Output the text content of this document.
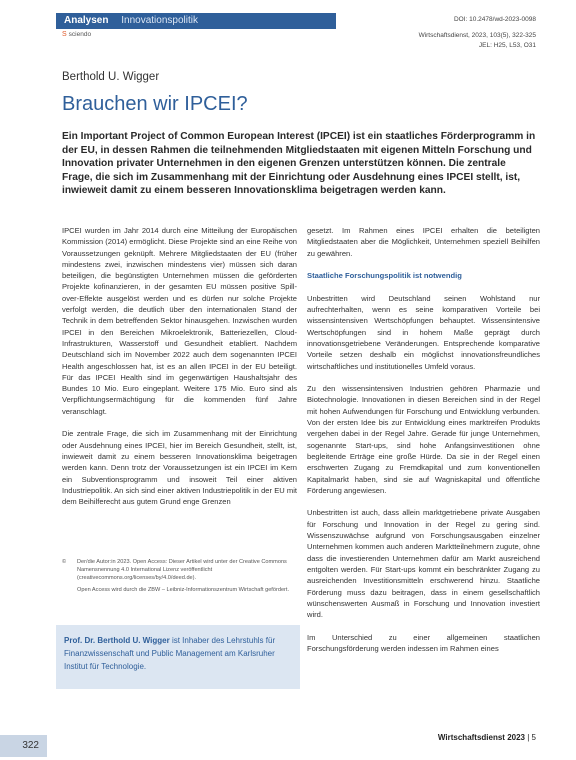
Analysen Innovationspolitik	DOI: 10.2478/wd-2023-0098
S sciendo	Wirtschaftsdienst, 2023, 103(5), 322-325
JEL: H25, L53, O31
Berthold U. Wigger
Brauchen wir IPCEI?
Ein Important Project of Common European Interest (IPCEI) ist ein staatliches Förderprogramm in der EU, in dessen Rahmen die teilnehmenden Mitgliedstaaten mit eigenen Mitteln Forschung und Innovation privater Unternehmen in den eigenen Grenzen unterstützen können. Die zentrale Frage, die sich im Zusammenhang mit der Einrichtung oder Ausdehnung eines IPCEI stellt, ist, inwieweit damit zu einem besseren Innovationsklima beigetragen werden kann.

IPCEI wurden im Jahr 2014 durch eine Mitteilung der Europäischen Kommission (2014) ermöglicht. Diese Projekte sind an eine Reihe von Voraussetzungen geknüpft. Mehrere Mitgliedstaaten der EU (früher mindestens zwei, inzwischen mindestens vier) müssen sich daran beteiligen, die begünstigten Unternehmen müssen die geförderten Projekte kofinanzieren, in der gesamten EU müssen positive Spill-over-Effekte ausgelöst werden und es dürfen nur solche Projekte verfolgt werden, die deutlich über den internationalen Stand der Technik in dem betreffenden Sektor hinausgehen. Inzwischen wurden IPCEI in den Bereichen Mikroelektronik, Batteriezellen, Cloud-Infrastrukturen, Wasserstoff und Gesundheit etabliert. Nachdem Deutschland sich im November 2022 auch dem sogenannten IPCEI Health angeschlossen hat, ist es an allen IPCEI in der EU beteiligt. Für das IPCEI Health sind im gegenwärtigen Haushaltsjahr des Bundes 10 Mio. Euro eingeplant. Weitere 175 Mio. Euro sind als Verpflichtungsermächtigung für die kommenden fünf Jahre veranschlagt.

Die zentrale Frage, die sich im Zusammenhang mit der Einrichtung oder Ausdehnung eines IPCEI, hier im Bereich Gesundheit, stellt, ist, inwieweit damit zu einem besseren Innovationsklima beigetragen werden kann. Denn trotz der Voraussetzungen ist ein IPCEI im Kern ein Subventionsprogramm und insoweit Teil einer aktiven Industriepolitik. An sich sind einer aktiven Industriepolitik in der EU mit dem Beihilferecht aus gutem Grund enge Grenzen

©	Der/die Autor:in 2023. Open Access: Dieser Artikel wird unter der Creative Commons Namensnennung 4.0 International Lizenz veröffentlicht (creativecommons.org/licenses/by/4.0/deed.de).
Open Access wird durch die ZBW – Leibniz-Informationszentrum Wirtschaft gefördert.
Prof. Dr. Berthold U. Wigger ist Inhaber des Lehrstuhls für Finanzwissenschaft und Public Management am Karlsruher Institut für Technologie.

gesetzt. Im Rahmen eines IPCEI erhalten die beteiligten Mitgliedstaaten aber die Möglichkeit, Unternehmen speziell Beihilfen zu gewähren.

Staatliche Forschungspolitik ist notwendig

Unbestritten wird Deutschland seinen Wohlstand nur aufrechterhalten, wenn es seine komparativen Vorteile bei wissensintensiven Wertschöpfungen behauptet. Wissensintensive Wertschöpfungen sind in hohem Maße geprägt durch innovationsgetriebene Veränderungen. Entsprechende komparative Vorteile setzen deshalb ein möglichst innovationsfreundliches wirtschaftliches und institutionelles Umfeld voraus.

Zu den wissensintensiven Industrien gehören Pharmazie und Biotechnologie. Innovationen in diesen Bereichen sind in der Regel mit hohen Aufwendungen für Forschung und Entwicklung verbunden. Von der ersten Idee bis zur Entwicklung eines marktreifen Produkts vergehen dabei in der Regel Jahre. Gerade für junge Unternehmen, sogenannte Start-ups, sind hohe Anfangsinvestitionen ohne begleitende Erträge eine große Hürde. Da sie in der Regel einen erschwerten Zugang zu Fremdkapital und zum konventionellen Kapitalmarkt haben, sind sie auf Wagniskapital und öffentliche Förderung angewiesen.

Unbestritten ist auch, dass allein marktgetriebene private Ausgaben für Forschung und Innovation in der Regel zu gering sind. Wissenszuwächse aufgrund von Forschungsausgaben einzelner Unternehmen kommen auch anderen Marktteilnehmern zugute, ohne dass die investierenden Unternehmen dafür am Markt ausreichend entgolten werden. Für Start-ups kommt ein beschränkter Zugang zu ausreichenden Investitionsmitteln erschwerend hinzu. Staatliche Förderung muss dazu beitragen, dass in einem gesellschaftlich wünschenswerten Ausmaß in Forschung und Innovation investiert wird.

Im Unterschied zu einer allgemeinen staatlichen Forschungsförderung werden indessen im Rahmen eines

322
Wirtschaftsdienst 2023 | 5
